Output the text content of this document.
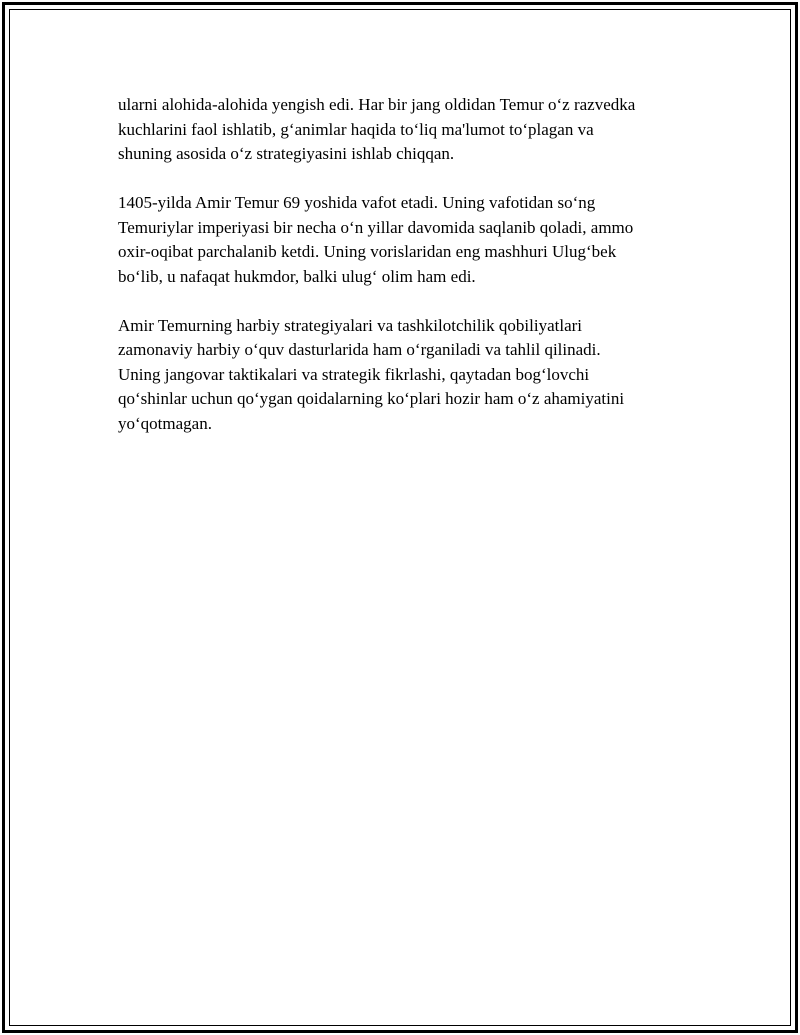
ularni alohida-alohida yengish edi. Har bir jang oldidan Temur o‘z razvedka
kuchlarini faol ishlatib, g‘animlar haqida to‘liq ma'lumot to‘plagan va
shuning asosida o‘z strategiyasini ishlab chiqqan.

1405-yilda Amir Temur 69 yoshida vafot etadi. Uning vafotidan so‘ng
Temuriylar imperiyasi bir necha o‘n yillar davomida saqlanib qoladi, ammo
oxir-oqibat parchalanib ketdi. Uning vorislaridan eng mashhuri Ulug‘bek
bo‘lib, u nafaqat hukmdor, balki ulug‘ olim ham edi.

Amir Temurning harbiy strategiyalari va tashkilotchilik qobiliyatlari
zamonaviy harbiy o‘quv dasturlarida ham o‘rganiladi va tahlil qilinadi.
Uning jangovar taktikalari va strategik fikrlashi, qaytadan bog‘lovchi
qo‘shinlar uchun qo‘ygan qoidalarning ko‘plari hozir ham o‘z ahamiyatini
yo‘qotmagan.
